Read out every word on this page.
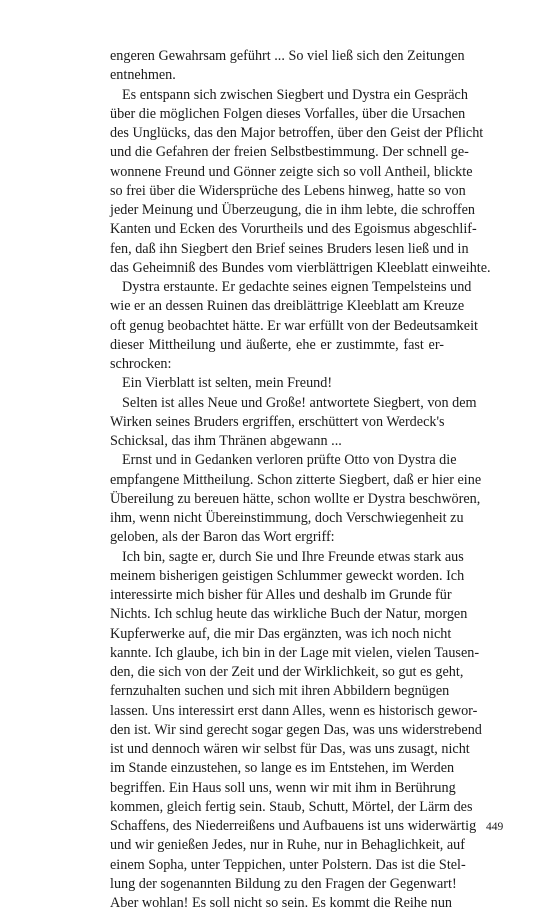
engeren Gewahrsam geführt ... So viel ließ sich den Zeitungen
entnehmen.
Es entspann sich zwischen Siegbert und Dystra ein Gespräch
über die möglichen Folgen dieses Vorfalles, über die Ursachen
des Unglücks, das den Major betroffen, über den Geist der Pflicht
und die Gefahren der freien Selbstbestimmung. Der schnell ge-
wonnene Freund und Gönner zeigte sich so voll Antheil, blickte
so frei über die Widersprüche des Lebens hinweg, hatte so von
jeder Meinung und Überzeugung, die in ihm lebte, die schroffen
Kanten und Ecken des Vorurtheils und des Egoismus abgeschlif-
fen, daß ihn Siegbert den Brief seines Bruders lesen ließ und in
das Geheimniß des Bundes vom vierblättrigen Kleeblatt einweihte.
Dystra erstaunte. Er gedachte seines eignen Tempelsteins und
wie er an dessen Ruinen das dreiblättrige Kleeblatt am Kreuze
oft genug beobachtet hätte. Er war erfüllt von der Bedeutsamkeit
dieser Mittheilung und äußerte, ehe er zustimmte, fast er-
schrocken:
Ein Vierblatt ist selten, mein Freund!
Selten ist alles Neue und Große! antwortete Siegbert, von dem
Wirken seines Bruders ergriffen, erschüttert von Werdeck's
Schicksal, das ihm Thränen abgewann ...
Ernst und in Gedanken verloren prüfte Otto von Dystra die
empfangene Mittheilung. Schon zitterte Siegbert, daß er hier eine
Übereilung zu bereuen hätte, schon wollte er Dystra beschwören,
ihm, wenn nicht Übereinstimmung, doch Verschwiegenheit zu
geloben, als der Baron das Wort ergriff:
Ich bin, sagte er, durch Sie und Ihre Freunde etwas stark aus
meinem bisherigen geistigen Schlummer geweckt worden. Ich
interessirte mich bisher für Alles und deshalb im Grunde für
Nichts. Ich schlug heute das wirkliche Buch der Natur, morgen
Kupferwerke auf, die mir Das ergänzten, was ich noch nicht
kannte. Ich glaube, ich bin in der Lage mit vielen, vielen Tausen-
den, die sich von der Zeit und der Wirklichkeit, so gut es geht,
fernzuhalten suchen und sich mit ihren Abbildern begnügen
lassen. Uns interessirt erst dann Alles, wenn es historisch gewor-
den ist. Wir sind gerecht sogar gegen Das, was uns widerstrebend
ist und dennoch wären wir selbst für Das, was uns zusagt, nicht
im Stande einzustehen, so lange es im Entstehen, im Werden
begriffen. Ein Haus soll uns, wenn wir mit ihm in Berührung
kommen, gleich fertig sein. Staub, Schutt, Mörtel, der Lärm des
Schaffens, des Niederreißens und Aufbauens ist uns widerwärtig
und wir genießen Jedes, nur in Ruhe, nur in Behaglichkeit, auf
einem Sopha, unter Teppichen, unter Polstern. Das ist die Stel-
lung der sogenannten Bildung zu den Fragen der Gegenwart!
Aber wohlan! Es soll nicht so sein. Es kommt die Reihe nun
449
